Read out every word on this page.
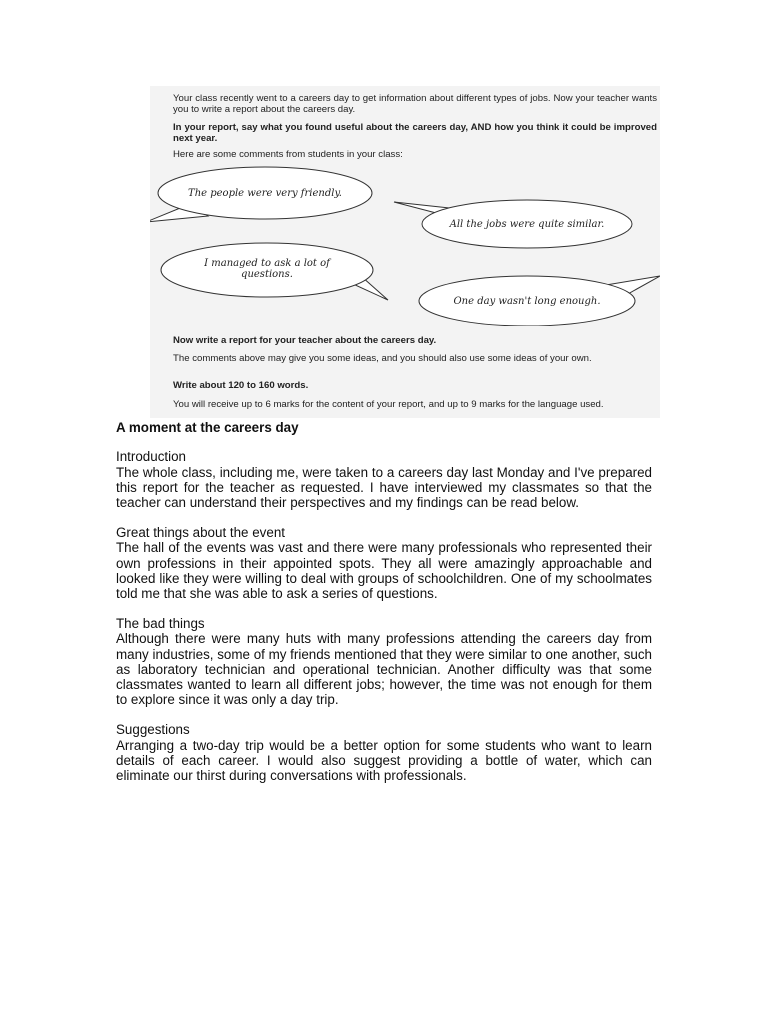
Your class recently went to a careers day to get information about different types of jobs. Now your teacher wants you to write a report about the careers day.

In your report, say what you found useful about the careers day, AND how you think it could be improved next year.

Here are some comments from students in your class:

The people were very friendly.
All the jobs were quite similar.
I managed to ask a lot of
questions.
One day wasn't long enough.

Now write a report for your teacher about the careers day.

The comments above may give you some ideas, and you should also use some ideas of your own.

Write about 120 to 160 words.

You will receive up to 6 marks for the content of your report, and up to 9 marks for the language used.

A moment at the careers day

Introduction

The whole class, including me, were taken to a careers day last Monday and I've prepared this report for the teacher as requested. I have interviewed my classmates so that the teacher can understand their perspectives and my findings can be read below.

Great things about the event

The hall of the events was vast and there were many professionals who represented their own professions in their appointed spots. They all were amazingly approachable and looked like they were willing to deal with groups of schoolchildren. One of my schoolmates told me that she was able to ask a series of questions.

The bad things

Although there were many huts with many professions attending the careers day from many industries, some of my friends mentioned that they were similar to one another, such as laboratory technician and operational technician. Another difficulty was that some classmates wanted to learn all different jobs; however, the time was not enough for them to explore since it was only a day trip.

Suggestions

Arranging a two-day trip would be a better option for some students who want to learn details of each career. I would also suggest providing a bottle of water, which can eliminate our thirst during conversations with professionals.
